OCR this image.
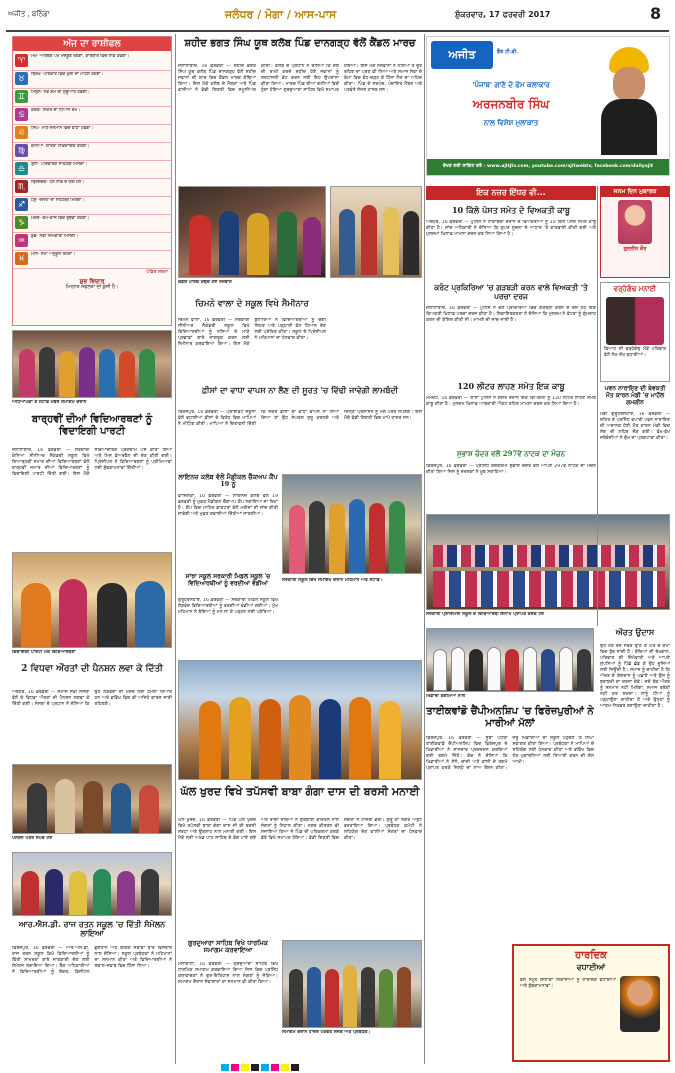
ਅਜੀਤ , ਬਠਿੰਡਾ	ਜਲੰਧਰ / ਮੋਗਾ / ਆਸ-ਪਾਸ	ਸ਼ੁੱਕਰਵਾਰ, 17 ਫਰਵਰੀ 2017	8
ਅੱਜ ਦਾ ਰਾਸ਼ੀਫਲ
♈	ਮੇਖ- ਆਰਥਕ ਪੱਖ ਮਜ਼ਬੂਤ ਰਹੇਗਾ, ਕਾਰੋਬਾਰ ਵਿਚ ਲਾਭ ਹੋਵੇਗਾ।
♉	ਬ੍ਰਿਖ- ਪਰਿਵਾਰ ਵਿਚ ਖੁਸ਼ੀ ਦਾ ਮਾਹੌਲ ਰਹੇਗਾ।
♊	ਮਿਥੁਨ- ਨਵੇਂ ਕੰਮ ਦੀ ਸ਼ੁਰੂਆਤ ਹੋਵੇਗੀ।
♋	ਕਰਕ- ਸਿਹਤ ਦਾ ਧਿਆਨ ਰੱਖੋ।
♌	ਸਿੰਘ- ਮਾਣ-ਸਨਮਾਨ ਵਿਚ ਵਾਧਾ ਹੋਵੇਗਾ।
♍	ਕੰਨਿਆ- ਯਾਤਰਾ ਲਾਭਦਾਇਕ ਰਹੇਗੀ।
♎	ਤੁਲਾ- ਪਰਿਵਾਰਕ ਸਹਿਯੋਗ ਮਿਲੇਗਾ।
♏	ਬ੍ਰਿਸ਼ਚਕ- ਧਨ ਲਾਭ ਦੇ ਯੋਗ ਹਨ।
♐	ਧਨੁ- ਦੋਸਤਾਂ ਦਾ ਸਹਿਯੋਗ ਮਿਲੇਗਾ।
♑	ਮਕਰ- ਕੰਮ-ਕਾਜ ਵਿਚ ਰੁਝੇਵਾਂ ਰਹੇਗਾ।
♒	ਕੁੰਭ- ਨਵੀਂ ਜ਼ਿੰਮੇਵਾਰੀ ਮਿਲੇਗੀ।
♓	ਮੀਨ- ਸਮਾਂ ਅਨੁਕੂਲ ਰਹੇਗਾ।
ਪੰਡਿਤ ਸ਼ਰਮਾ
ਸ਼ੁਭ ਵਿਚਾਰ
ਮਿਹਨਤ ਸਫਲਤਾ ਦੀ ਕੁੰਜੀ ਹੈ।
ਸ਼ਹੀਦ ਭਗਤ ਸਿੰਘ ਯੂਥ ਕਲੱਬ ਪਿੰਡ ਦਾਨਗੜ੍ਹ ਵੱਲੋਂ ਕੈਂਡਲ ਮਾਰਚ
ਜਲਾਲਾਬਾਦ, 16 ਫ਼ਰਵਰੀ — ਸ਼ਹੀਦ ਭਗਤ ਸਿੰਘ ਯੂਥ ਕਲੱਬ ਪਿੰਡ ਦਾਨਗੜ੍ਹ ਵੱਲੋਂ ਸ਼ਹੀਦ ਜਵਾਨਾਂ ਦੀ ਯਾਦ ਵਿਚ ਕੈਂਡਲ ਮਾਰਚ ਕੱਢਿਆ ਗਿਆ। ਇਸ ਮੌਕੇ ਕਲੱਬ ਦੇ ਮੈਂਬਰਾਂ ਅਤੇ ਪਿੰਡ ਵਾਸੀਆਂ ਨੇ ਵੱਡੀ ਗਿਣਤੀ ਵਿਚ ਸ਼ਮੂਲੀਅਤ ਕੀਤੀ। ਕਲੱਬ ਦੇ ਪ੍ਰਧਾਨ ਨੇ ਦੱਸਿਆ ਕਿ ਦੇਸ਼ ਦੀ ਰਾਖੀ ਕਰਦੇ ਸ਼ਹੀਦ ਹੋਏ ਜਵਾਨਾਂ ਨੂੰ ਸ਼ਰਧਾਂਜਲੀ ਭੇਟ ਕਰਨ ਲਈ ਇਹ ਉਪਰਾਲਾ ਕੀਤਾ ਗਿਆ। ਮਾਰਚ ਪਿੰਡ ਦੀਆਂ ਗਲੀਆਂ ਵਿਚੋਂ ਹੁੰਦਾ ਹੋਇਆ ਗੁਰਦੁਆਰਾ ਸਾਹਿਬ ਵਿਖੇ ਸਮਾਪਤ ਹੋਇਆ। ਇਸ ਮੌਕੇ ਨੌਜਵਾਨਾਂ ਨੇ ਨਸ਼ਿਆਂ ਤੋਂ ਦੂਰ ਰਹਿਣ ਦਾ ਪ੍ਰਣ ਵੀ ਲਿਆ ਅਤੇ ਸਮਾਜ ਸੇਵਾ ਦੇ ਕੰਮਾਂ ਵਿਚ ਵੱਧ-ਚੜ੍ਹ ਕੇ ਹਿੱਸਾ ਲੈਣ ਦਾ ਅਹਿਦ ਕੀਤਾ। ਪਿੰਡ ਦੇ ਸਰਪੰਚ, ਪੰਚਾਇਤ ਮੈਂਬਰ ਅਤੇ ਪਤਵੰਤੇ ਸੱਜਣ ਹਾਜ਼ਰ ਸਨ।
ਕੈਂਡਲ ਮਾਰਚ ਕੱਢਦੇ ਹੋਏ ਨੌਜਵਾਨ
ਅਜੀਤ	ਵੈੱਬ ਟੀ.ਵੀ.
'ਪੰਜਾਬ' ਗਾਣੇ ਦੇ ਫੇਮ ਕਲਾਕਾਰ
ਅਰਜਨਬੀਰ ਸਿੰਘ
ਨਾਲ ਵਿਸ਼ੇਸ਼ ਮੁਲਾਕਾਤ
ਦੇਖਣ ਲਈ ਲਾਗਿਨ ਕਰੋ - www.ajitjtv.com, youtube.com/ajitwebtv, facebook.com/dailyajit
ਚਿਮਨੇ ਵਾਲਾ ਦੇ ਸਕੂਲ ਵਿਖੇ ਸੈਮੀਨਾਰ
ਚਿਮਨੇ ਵਾਲਾ, 16 ਫ਼ਰਵਰੀ — ਸਰਕਾਰੀ ਸੀਨੀਅਰ ਸੈਕੰਡਰੀ ਸਕੂਲ ਵਿਖੇ ਵਿਦਿਆਰਥੀਆਂ ਨੂੰ ਨਸ਼ਿਆਂ ਦੇ ਮਾੜੇ ਪ੍ਰਭਾਵਾਂ ਬਾਰੇ ਜਾਗਰੂਕ ਕਰਨ ਲਈ ਸੈਮੀਨਾਰ ਕਰਵਾਇਆ ਗਿਆ। ਇਸ ਮੌਕੇ ਬੁਲਾਰਿਆਂ ਨੇ ਵਿਦਿਆਰਥੀਆਂ ਨੂੰ ਚੰਗੀ ਸਿਹਤ ਅਤੇ ਪੜ੍ਹਾਈ ਵੱਲ ਧਿਆਨ ਦੇਣ ਲਈ ਪ੍ਰੇਰਿਤ ਕੀਤਾ। ਸਕੂਲ ਦੇ ਪ੍ਰਿੰਸੀਪਲ ਨੇ ਮਹਿਮਾਨਾਂ ਦਾ ਧੰਨਵਾਦ ਕੀਤਾ।
ਫ਼ੀਸਾਂ ਦਾ ਵਾਧਾ ਵਾਪਸ ਨਾ ਲੈਣ ਦੀ ਸੂਰਤ 'ਚ ਵਿੱਢੀ ਜਾਵੇਗੀ ਲਾਮਬੰਦੀ
ਫਿਰੋਜ਼ਪੁਰ, 16 ਫ਼ਰਵਰੀ — ਪ੍ਰਾਈਵੇਟ ਸਕੂਲਾਂ ਵੱਲੋਂ ਵਧਾਈਆਂ ਫ਼ੀਸਾਂ ਦੇ ਵਿਰੋਧ ਵਿਚ ਮਾਪਿਆਂ ਨੇ ਮੀਟਿੰਗ ਕੀਤੀ। ਮਾਪਿਆਂ ਨੇ ਚਿਤਾਵਨੀ ਦਿੱਤੀ ਕਿ ਜੇਕਰ ਫ਼ੀਸਾਂ ਦਾ ਵਾਧਾ ਵਾਪਸ ਨਾ ਲਿਆ ਗਿਆ ਤਾਂ ਉਹ ਸੰਘਰਸ਼ ਸ਼ੁਰੂ ਕਰਨਗੇ ਅਤੇ ਜ਼ਿਲ੍ਹਾ ਪ੍ਰਸ਼ਾਸਨ ਨੂੰ ਮੰਗ ਪੱਤਰ ਸੌਂਪਣਗੇ। ਇਸ ਮੌਕੇ ਵੱਡੀ ਗਿਣਤੀ ਵਿਚ ਮਾਪੇ ਹਾਜ਼ਰ ਸਨ।
ਅਧਿਆਪਕਾਂ ਤੇ ਸਟਾਫ਼ ਮੈਂਬਰ ਸਮਾਗਮ ਦੌਰਾਨ
ਬਾਰ੍ਹਵੀਂ ਦੀਆਂ ਵਿਦਿਆਰਥਣਾਂ ਨੂੰ ਵਿਦਾਇਗੀ ਪਾਰਟੀ
ਜਲਾਲਾਬਾਦ, 16 ਫ਼ਰਵਰੀ — ਸਰਕਾਰੀ ਕੰਨਿਆ ਸੀਨੀਅਰ ਸੈਕੰਡਰੀ ਸਕੂਲ ਵਿਖੇ ਗਿਆਰ੍ਹਵੀਂ ਜਮਾਤ ਦੀਆਂ ਵਿਦਿਆਰਥਣਾਂ ਵੱਲੋਂ ਬਾਰ੍ਹਵੀਂ ਜਮਾਤ ਦੀਆਂ ਵਿਦਿਆਰਥਣਾਂ ਨੂੰ ਵਿਦਾਇਗੀ ਪਾਰਟੀ ਦਿੱਤੀ ਗਈ। ਇਸ ਮੌਕੇ ਸੱਭਿਆਚਾਰਕ ਪ੍ਰੋਗਰਾਮ ਪੇਸ਼ ਕੀਤਾ ਗਿਆ ਅਤੇ ਮਿਸ ਫੇਅਰਵੈੱਲ ਦੀ ਚੋਣ ਕੀਤੀ ਗਈ। ਪ੍ਰਿੰਸੀਪਲ ਨੇ ਵਿਦਿਆਰਥਣਾਂ ਨੂੰ ਪ੍ਰੀਖਿਆਵਾਂ ਲਈ ਸ਼ੁੱਭਕਾਮਨਾਵਾਂ ਦਿੱਤੀਆਂ।
ਵਿਦਾਇਗੀ ਪਾਰਟੀ ਮੌਕੇ ਵਿਦਿਆਰਥਣਾਂ
2 ਵਿਧਵਾ ਔਰਤਾਂ ਦੀ ਪੈਨਸ਼ਨ ਲਵਾ ਕੇ ਦਿੱਤੀ
ਅਬੋਹਰ, 16 ਫ਼ਰਵਰੀ — ਸਮਾਜ ਸੇਵੀ ਸੰਸਥਾ ਵੱਲੋਂ ਦੋ ਵਿਧਵਾ ਔਰਤਾਂ ਦੀ ਪੈਨਸ਼ਨ ਲਗਵਾ ਕੇ ਦਿੱਤੀ ਗਈ। ਸੰਸਥਾ ਦੇ ਪ੍ਰਧਾਨ ਨੇ ਦੱਸਿਆ ਕਿ ਉਹ ਲੋੜਵੰਦਾਂ ਦੀ ਮਦਦ ਲਈ ਹਮੇਸ਼ਾ ਤਿਆਰ ਹਨ ਅਤੇ ਭਵਿੱਖ ਵਿਚ ਵੀ ਅਜਿਹੇ ਕਾਰਜ ਜਾਰੀ ਰਹਿਣਗੇ।
ਪੈਨਸ਼ਨ ਪੱਤਰ ਸੌਂਪਦੇ ਹੋਏ
ਆਰ.ਐਸ.ਡੀ. ਰਾਜ ਰਤਨ ਸਕੂਲ 'ਚ ਵਿੱਤੀ ਸੰਮੇਲਨ ਲਾਇਆ
ਫਿਰੋਜ਼ਪੁਰ, 16 ਫ਼ਰਵਰੀ — ਆਰ.ਐਸ.ਡੀ. ਰਾਜ ਰਤਨ ਸਕੂਲ ਵਿਖੇ ਵਿਦਿਆਰਥੀਆਂ ਨੂੰ ਵਿੱਤੀ ਸਾਖਰਤਾ ਬਾਰੇ ਜਾਣਕਾਰੀ ਦੇਣ ਲਈ ਸੰਮੇਲਨ ਲਗਾਇਆ ਗਿਆ। ਬੈਂਕ ਅਧਿਕਾਰੀਆਂ ਨੇ ਵਿਦਿਆਰਥੀਆਂ ਨੂੰ ਬੱਚਤ, ਡਿਜੀਟਲ ਭੁਗਤਾਨ ਅਤੇ ਬੈਂਕਿੰਗ ਸੇਵਾਵਾਂ ਬਾਰੇ ਵਿਸਥਾਰ ਨਾਲ ਦੱਸਿਆ। ਸਕੂਲ ਪ੍ਰਬੰਧਕਾਂ ਨੇ ਮਹਿਮਾਨਾਂ ਦਾ ਸਨਮਾਨ ਕੀਤਾ ਅਤੇ ਵਿਦਿਆਰਥੀਆਂ ਨੇ ਸਵਾਲ-ਜਵਾਬ ਵਿਚ ਹਿੱਸਾ ਲਿਆ।
ਲਾਇਨਜ਼ ਕਲੱਬ ਵੱਲੋਂ ਮੈਡੀਕਲ ਚੈੱਕਅਪ ਕੈਂਪ 19 ਨੂੰ
ਫ਼ਾਜ਼ਿਲਕਾ, 16 ਫ਼ਰਵਰੀ — ਲਾਇਨਜ਼ ਕਲੱਬ ਵੱਲੋਂ 19 ਫ਼ਰਵਰੀ ਨੂੰ ਮੁਫ਼ਤ ਮੈਡੀਕਲ ਚੈੱਕਅਪ ਕੈਂਪ ਲਗਾਇਆ ਜਾ ਰਿਹਾ ਹੈ। ਕੈਂਪ ਵਿਚ ਮਾਹਿਰ ਡਾਕਟਰਾਂ ਵੱਲੋਂ ਮਰੀਜ਼ਾਂ ਦੀ ਜਾਂਚ ਕੀਤੀ ਜਾਵੇਗੀ ਅਤੇ ਮੁਫ਼ਤ ਦਵਾਈਆਂ ਦਿੱਤੀਆਂ ਜਾਣਗੀਆਂ।
ਸਾਂਝਾ ਸਕੂਲ ਸਰਕਾਰੀ ਮਿਡਲ ਸਕੂਲ 'ਚ ਵਿਦਿਆਰਥੀਆਂ ਨੂੰ ਵਰਦੀਆਂ ਵੰਡੀਆਂ
ਗੁਰੂਹਰਸਹਾਏ, 16 ਫ਼ਰਵਰੀ — ਸਰਕਾਰੀ ਮਿਡਲ ਸਕੂਲ ਵਿਖੇ ਲੋੜਵੰਦ ਵਿਦਿਆਰਥੀਆਂ ਨੂੰ ਵਰਦੀਆਂ ਵੰਡੀਆਂ ਗਈਆਂ। ਮੁੱਖ ਮਹਿਮਾਨ ਨੇ ਬੱਚਿਆਂ ਨੂੰ ਮਨ ਲਾ ਕੇ ਪੜ੍ਹਨ ਲਈ ਪ੍ਰੇਰਿਆ।
ਸਰਕਾਰੀ ਸਕੂਲ ਵਿਖੇ ਸਮਾਗਮ ਦੌਰਾਨ ਮਹਿਮਾਨ ਅਤੇ ਸਟਾਫ਼।
ਘੱਲ ਖੁਰਦ ਵਿਖੇ ਤਪੱਸਵੀ ਬਾਬਾ ਗੰਗਾ ਦਾਸ ਦੀ ਬਰਸੀ ਮਨਾਈ
ਘੱਲ ਖੁਰਦ, 16 ਫ਼ਰਵਰੀ — ਪਿੰਡ ਘੱਲ ਖੁਰਦ ਵਿਖੇ ਤਪੱਸਵੀ ਬਾਬਾ ਗੰਗਾ ਦਾਸ ਜੀ ਦੀ ਬਰਸੀ ਸ਼ਰਧਾ ਅਤੇ ਉਤਸ਼ਾਹ ਨਾਲ ਮਨਾਈ ਗਈ। ਇਸ ਮੌਕੇ ਸ੍ਰੀ ਅਖੰਡ ਪਾਠ ਸਾਹਿਬ ਦੇ ਭੋਗ ਪਾਏ ਗਏ ਅਤੇ ਰਾਗੀ ਜਥਿਆਂ ਨੇ ਗੁਰਬਾਣੀ ਕੀਰਤਨ ਨਾਲ ਸੰਗਤਾਂ ਨੂੰ ਨਿਹਾਲ ਕੀਤਾ। ਨਗਰ ਕੀਰਤਨ ਵੀ ਸਜਾਇਆ ਗਿਆ ਜੋ ਪਿੰਡ ਦੀ ਪਰਿਕਰਮਾ ਕਰਕੇ ਡੇਰੇ ਵਿਖੇ ਸਮਾਪਤ ਹੋਇਆ। ਵੱਡੀ ਗਿਣਤੀ ਵਿਚ ਸੰਗਤਾਂ ਨੇ ਹਾਜ਼ਰੀ ਭਰੀ। ਗੁਰੂ ਕਾ ਲੰਗਰ ਅਤੁੱਟ ਵਰਤਾਇਆ ਗਿਆ। ਪ੍ਰਬੰਧਕ ਕਮੇਟੀ ਨੇ ਸਹਿਯੋਗ ਦੇਣ ਵਾਲੀਆਂ ਸੰਗਤਾਂ ਦਾ ਧੰਨਵਾਦ ਕੀਤਾ।
ਗੁਰਦੁਆਰਾ ਸਾਹਿਬ ਵਿਖੇ ਧਾਰਮਿਕ ਸਮਾਗਮ ਕਰਵਾਇਆ
ਮੱਲਾਂਵਾਲਾ, 16 ਫ਼ਰਵਰੀ — ਗੁਰਦੁਆਰਾ ਸਾਹਿਬ ਵਿਖੇ ਧਾਰਮਿਕ ਸਮਾਗਮ ਕਰਵਾਇਆ ਗਿਆ ਜਿਸ ਵਿਚ ਪ੍ਰਸਿੱਧ ਕਥਾਵਾਚਕਾਂ ਨੇ ਗੁਰ-ਇਤਿਹਾਸ ਨਾਲ ਸੰਗਤਾਂ ਨੂੰ ਜੋੜਿਆ। ਸਮਾਗਮ ਦੌਰਾਨ ਸੇਵਾਦਾਰਾਂ ਦਾ ਸਨਮਾਨ ਵੀ ਕੀਤਾ ਗਿਆ।
ਸਮਾਗਮ ਦੌਰਾਨ ਹਾਜ਼ਰ ਪਤਵੰਤੇ ਸੱਜਣ ਅਤੇ ਪ੍ਰਬੰਧਕ।
ਇਕ ਨਜ਼ਰ ਇੱਧਰ ਵੀ...
10 ਕਿੱਲੋ ਪੋਸਤ ਸਮੇਤ ਦੋ ਵਿਅਕਤੀ ਕਾਬੂ
ਅਬੋਹਰ, 16 ਫ਼ਰਵਰੀ — ਪੁਲਿਸ ਨੇ ਨਾਕਾਬੰਦੀ ਦੌਰਾਨ ਦੋ ਵਿਅਕਤੀਆਂ ਨੂੰ 10 ਕਿੱਲੋ ਪੋਸਤ ਸਮੇਤ ਕਾਬੂ ਕੀਤਾ ਹੈ। ਜਾਂਚ ਅਧਿਕਾਰੀ ਨੇ ਦੱਸਿਆ ਕਿ ਗੁਪਤ ਸੂਚਨਾ ਦੇ ਆਧਾਰ 'ਤੇ ਕਾਰਵਾਈ ਕੀਤੀ ਗਈ ਅਤੇ ਮੁਲਜ਼ਮਾਂ ਖ਼ਿਲਾਫ਼ ਮਾਮਲਾ ਦਰਜ ਕਰ ਲਿਆ ਗਿਆ ਹੈ।
ਕਰੰਟ ਪ੍ਰਕਿਰਿਆ 'ਚ ਗੜਬੜੀ ਕਰਨ ਵਾਲੇ ਵਿਅਕਤੀ 'ਤੇ ਪਰਚਾ ਦਰਜ
ਜਲਾਲਾਬਾਦ, 16 ਫ਼ਰਵਰੀ — ਪੁਲਿਸ ਨੇ ਚੋਣ ਪ੍ਰਕਿਰਿਆ ਵਿਚ ਗੜਬੜੀ ਕਰਨ ਦੇ ਦੋਸ਼ ਹੇਠ ਇਕ ਵਿਅਕਤੀ ਖ਼ਿਲਾਫ਼ ਪਰਚਾ ਦਰਜ ਕੀਤਾ ਹੈ। ਸ਼ਿਕਾਇਤਕਰਤਾ ਨੇ ਦੱਸਿਆ ਕਿ ਮੁਲਜ਼ਮ ਨੇ ਵੋਟਰਾਂ ਨੂੰ ਗੁੰਮਰਾਹ ਕਰਨ ਦੀ ਕੋਸ਼ਿਸ਼ ਕੀਤੀ ਸੀ। ਮਾਮਲੇ ਦੀ ਜਾਂਚ ਜਾਰੀ ਹੈ।
120 ਲੀਟਰ ਲਾਹਣ ਸਮੇਤ ਇਕ ਕਾਬੂ
ਮਮਦੋਟ, 16 ਫ਼ਰਵਰੀ — ਥਾਣਾ ਪੁਲਿਸ ਨੇ ਗਸ਼ਤ ਦੌਰਾਨ ਇਕ ਵਿਅਕਤੀ ਨੂੰ 120 ਲੀਟਰ ਲਾਹਣ ਸਮੇਤ ਕਾਬੂ ਕੀਤਾ ਹੈ। ਮੁਲਜ਼ਮ ਖ਼ਿਲਾਫ਼ ਆਬਕਾਰੀ ਐਕਟ ਤਹਿਤ ਮਾਮਲਾ ਦਰਜ ਕਰ ਲਿਆ ਗਿਆ ਹੈ।
ਸੁਭਾਸ਼ ਚੰਦਰ ਵਲੋਂ 297ਵੇਂ ਨਾਟਕ ਦਾ ਮੰਚਨ
ਫ਼ਿਰੋਜ਼ਪੁਰ, 16 ਫ਼ਰਵਰੀ — ਪ੍ਰਸਿੱਧ ਰੰਗਕਰਮੀ ਸੁਭਾਸ਼ ਚੰਦਰ ਵੱਲੋਂ ਆਪਣੇ 297ਵੇਂ ਨਾਟਕ ਦਾ ਮੰਚਨ ਕੀਤਾ ਗਿਆ ਜਿਸ ਨੂੰ ਦਰਸ਼ਕਾਂ ਨੇ ਖ਼ੂਬ ਸਰਾਹਿਆ।
ਸਰਕਾਰੀ ਪ੍ਰਾਇਮਰੀ ਸਕੂਲ ਦੇ ਵਿਦਿਆਰਥੀ ਇਨਾਮ ਪ੍ਰਾਪਤ ਕਰਦੇ ਹੋਏ
ਜਨਮ ਦਿਨ ਮੁਬਾਰਕ
ਗੁਰਲੀਨ ਕੌਰ
ਵਰ੍ਹੇਗੰਢ ਮਨਾਈ
ਵਿਆਹ ਦੀ ਵਰ੍ਹੇਗੰਢ ਮੌਕੇ ਪਰਿਵਾਰ ਵੱਲੋਂ ਲੱਖ-ਲੱਖ ਵਧਾਈਆਂ।
ਪਵਨ ਨਾਰਾਇਣ ਦੀ ਬੇਵਕਤੀ ਮੌਤ ਕਾਰਨ ਮੰਡੀ 'ਚ ਮਾਹੌਲ ਗਮਗੀਨ
ਮੰਡੀ ਗੁਰੂਹਰਸਹਾਏ, 16 ਫ਼ਰਵਰੀ — ਸ਼ਹਿਰ ਦੇ ਪ੍ਰਸਿੱਧ ਵਪਾਰੀ ਪਵਨ ਨਾਰਾਇਣ ਦੀ ਅਚਾਨਕ ਹੋਈ ਮੌਤ ਕਾਰਨ ਮੰਡੀ ਵਿਚ ਸੋਗ ਦੀ ਲਹਿਰ ਦੌੜ ਗਈ। ਵੱਖ-ਵੱਖ ਜਥੇਬੰਦੀਆਂ ਨੇ ਦੁੱਖ ਦਾ ਪ੍ਰਗਟਾਵਾ ਕੀਤਾ।
ਖਿਡਾਰੀ ਤਗਮਿਆਂ ਨਾਲ
ਤਾਈਕਵਾਂਡੋ ਚੈਂਪੀਅਨਸ਼ਿਪ 'ਚ ਫਿਰੋਜ਼ਪੁਰੀਆਂ ਨੇ ਮਾਰੀਆਂ ਮੱਲਾਂ
ਫਿਰੋਜ਼ਪੁਰ, 16 ਫ਼ਰਵਰੀ — ਸੂਬਾ ਪੱਧਰੀ ਤਾਈਕਵਾਂਡੋ ਚੈਂਪੀਅਨਸ਼ਿਪ ਵਿਚ ਫਿਰੋਜ਼ਪੁਰ ਦੇ ਖਿਡਾਰੀਆਂ ਨੇ ਸ਼ਾਨਦਾਰ ਪ੍ਰਦਰਸ਼ਨ ਕਰਦਿਆਂ ਕਈ ਤਗਮੇ ਜਿੱਤੇ। ਕੋਚ ਨੇ ਦੱਸਿਆ ਕਿ ਖਿਡਾਰੀਆਂ ਨੇ ਸੋਨੇ, ਚਾਂਦੀ ਅਤੇ ਕਾਂਸੀ ਦੇ ਤਗਮੇ ਪ੍ਰਾਪਤ ਕਰਕੇ ਜ਼ਿਲ੍ਹੇ ਦਾ ਨਾਂਅ ਰੌਸ਼ਨ ਕੀਤਾ। ਜੇਤੂ ਖਿਡਾਰੀਆਂ ਦਾ ਸਕੂਲ ਪਹੁੰਚਣ 'ਤੇ ਨਿੱਘਾ ਸਵਾਗਤ ਕੀਤਾ ਗਿਆ। ਪ੍ਰਬੰਧਕਾਂ ਨੇ ਮਾਪਿਆਂ ਦੇ ਸਹਿਯੋਗ ਲਈ ਧੰਨਵਾਦ ਕੀਤਾ ਅਤੇ ਭਵਿੱਖ ਵਿਚ ਹੋਰ ਮੁਕਾਬਲਿਆਂ ਲਈ ਤਿਆਰੀ ਕਰਨ ਦੀ ਗੱਲ ਆਖੀ।
ਔਰਤ ਉਦਾਸ
ਉਹ ਹਰ ਰੋਜ਼ ਸਵੇਰੇ ਉੱਠ ਕੇ ਘਰ ਦੇ ਕੰਮਾਂ ਵਿਚ ਰੁੱਝ ਜਾਂਦੀ ਹੈ। ਬੱਚਿਆਂ ਦੀ ਦੇਖਭਾਲ, ਪਰਿਵਾਰ ਦੀ ਜ਼ਿੰਮੇਵਾਰੀ ਅਤੇ ਆਪਣੇ ਸੁਪਨਿਆਂ ਨੂੰ ਪਿੱਛੇ ਛੱਡ ਕੇ ਉਹ ਦੂਜਿਆਂ ਲਈ ਜਿਊਂਦੀ ਹੈ। ਸਮਾਜ ਨੂੰ ਚਾਹੀਦਾ ਹੈ ਕਿ ਔਰਤ ਦੇ ਯੋਗਦਾਨ ਨੂੰ ਪਛਾਣੇ ਅਤੇ ਉਸ ਨੂੰ ਬਰਾਬਰੀ ਦਾ ਦਰਜਾ ਦੇਵੇ। ਜਦੋਂ ਤੱਕ ਔਰਤ ਨੂੰ ਸਨਮਾਨ ਨਹੀਂ ਮਿਲੇਗਾ, ਸਮਾਜ ਤਰੱਕੀ ਨਹੀਂ ਕਰ ਸਕਦਾ। ਸਾਨੂੰ ਧੀਆਂ ਨੂੰ ਪੜ੍ਹਾਉਣਾ ਚਾਹੀਦਾ ਹੈ ਅਤੇ ਉਨ੍ਹਾਂ ਨੂੰ ਆਤਮ-ਨਿਰਭਰ ਬਣਾਉਣਾ ਚਾਹੀਦਾ ਹੈ।
ਹਾਰਦਿਕ
ਵਧਾਈਆਂ
ਵੱਲੋਂ ਸਮੂਹ ਇਲਾਕਾ ਨਿਵਾਸੀਆਂ ਨੂੰ ਹਾਰਦਿਕ ਵਧਾਈਆਂ ਅਤੇ ਸ਼ੁੱਭਕਾਮਨਾਵਾਂ।
